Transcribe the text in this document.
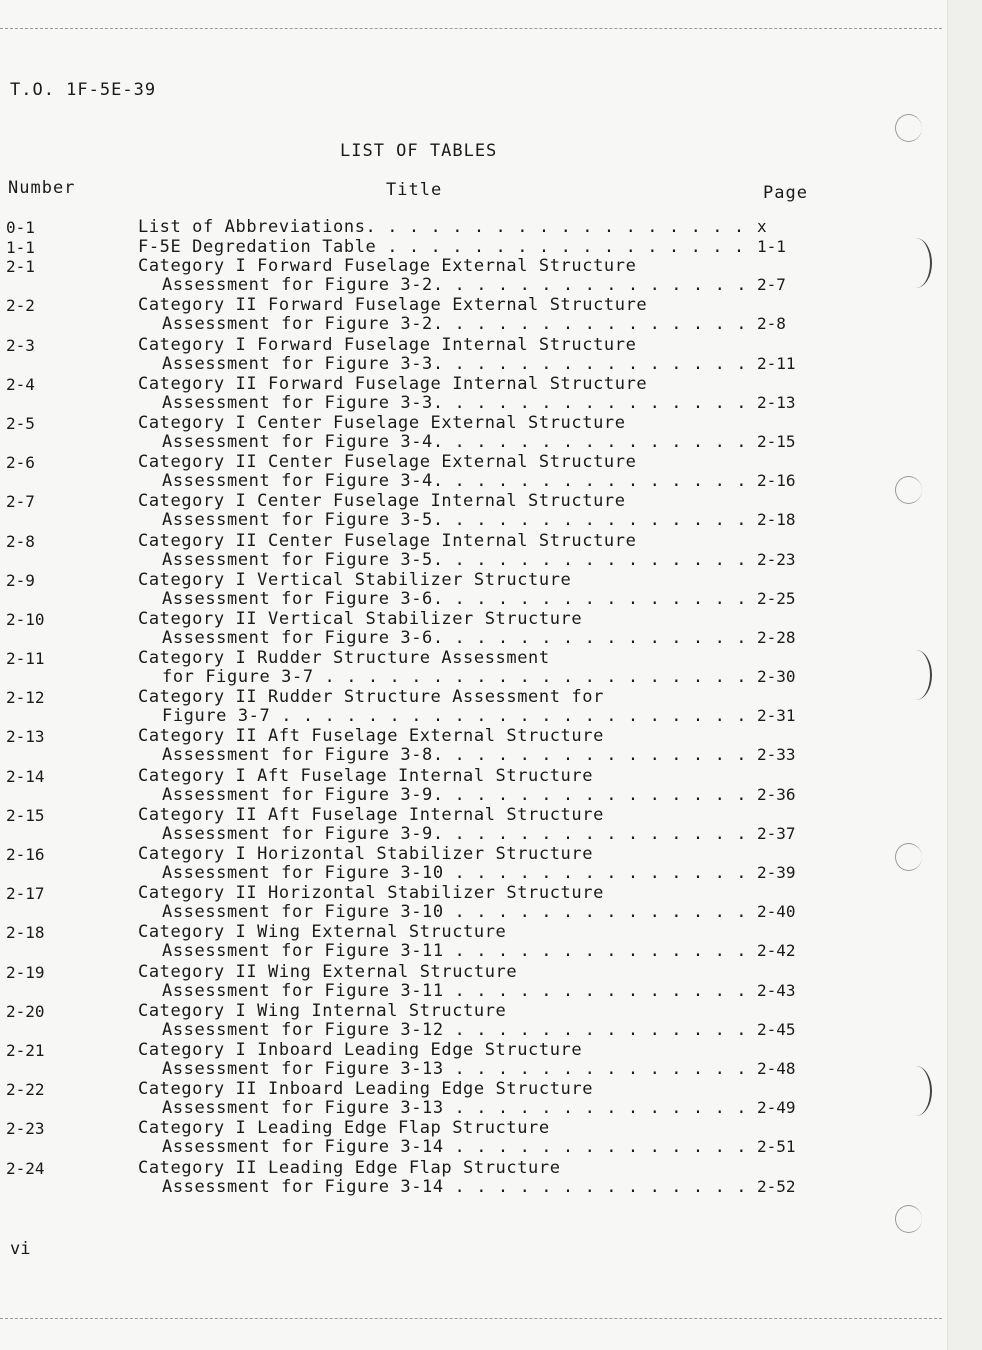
T.O. 1F-5E-39
LIST OF TABLES
Number	Title	Page
0-1	List of Abbreviations. . . .	x
1-1	F-5E Degredation Table . . .	1-1
2-1	Category I Forward Fuselage External Structure
Assessment for Figure 3-2. . . .	2-7
2-2	Category II Forward Fuselage External Structure
Assessment for Figure 3-2. . . .	2-8
2-3	Category I Forward Fuselage Internal Structure
Assessment for Figure 3-3. . . .	2-11
2-4	Category II Forward Fuselage Internal Structure
Assessment for Figure 3-3. . . .	2-13
2-5	Category I Center Fuselage External Structure
Assessment for Figure 3-4. . . .	2-15
2-6	Category II Center Fuselage External Structure
Assessment for Figure 3-4. . . .	2-16
2-7	Category I Center Fuselage Internal Structure
Assessment for Figure 3-5. . . .	2-18
2-8	Category II Center Fuselage Internal Structure
Assessment for Figure 3-5. . . .	2-23
2-9	Category I Vertical Stabilizer Structure
Assessment for Figure 3-6. . . .	2-25
2-10	Category II Vertical Stabilizer Structure
Assessment for Figure 3-6. . . .	2-28
2-11	Category I Rudder Structure Assessment
for Figure 3-7 . . .	2-30
2-12	Category II Rudder Structure Assessment for
Figure 3-7 . . .	2-31
2-13	Category II Aft Fuselage External Structure
Assessment for Figure 3-8. . . .	2-33
2-14	Category I Aft Fuselage Internal Structure
Assessment for Figure 3-9. . . .	2-36
2-15	Category II Aft Fuselage Internal Structure
Assessment for Figure 3-9. . . .	2-37
2-16	Category I Horizontal Stabilizer Structure
Assessment for Figure 3-10 . . .	2-39
2-17	Category II Horizontal Stabilizer Structure
Assessment for Figure 3-10 . . .	2-40
2-18	Category I Wing External Structure
Assessment for Figure 3-11 . . .	2-42
2-19	Category II Wing External Structure
Assessment for Figure 3-11 . . .	2-43
2-20	Category I Wing Internal Structure
Assessment for Figure 3-12 . . .	2-45
2-21	Category I Inboard Leading Edge Structure
Assessment for Figure 3-13 . . .	2-48
2-22	Category II Inboard Leading Edge Structure
Assessment for Figure 3-13 . . .	2-49
2-23	Category I Leading Edge Flap Structure
Assessment for Figure 3-14 . . .	2-51
2-24	Category II Leading Edge Flap Structure
Assessment for Figure 3-14 . . .	2-52
vi
